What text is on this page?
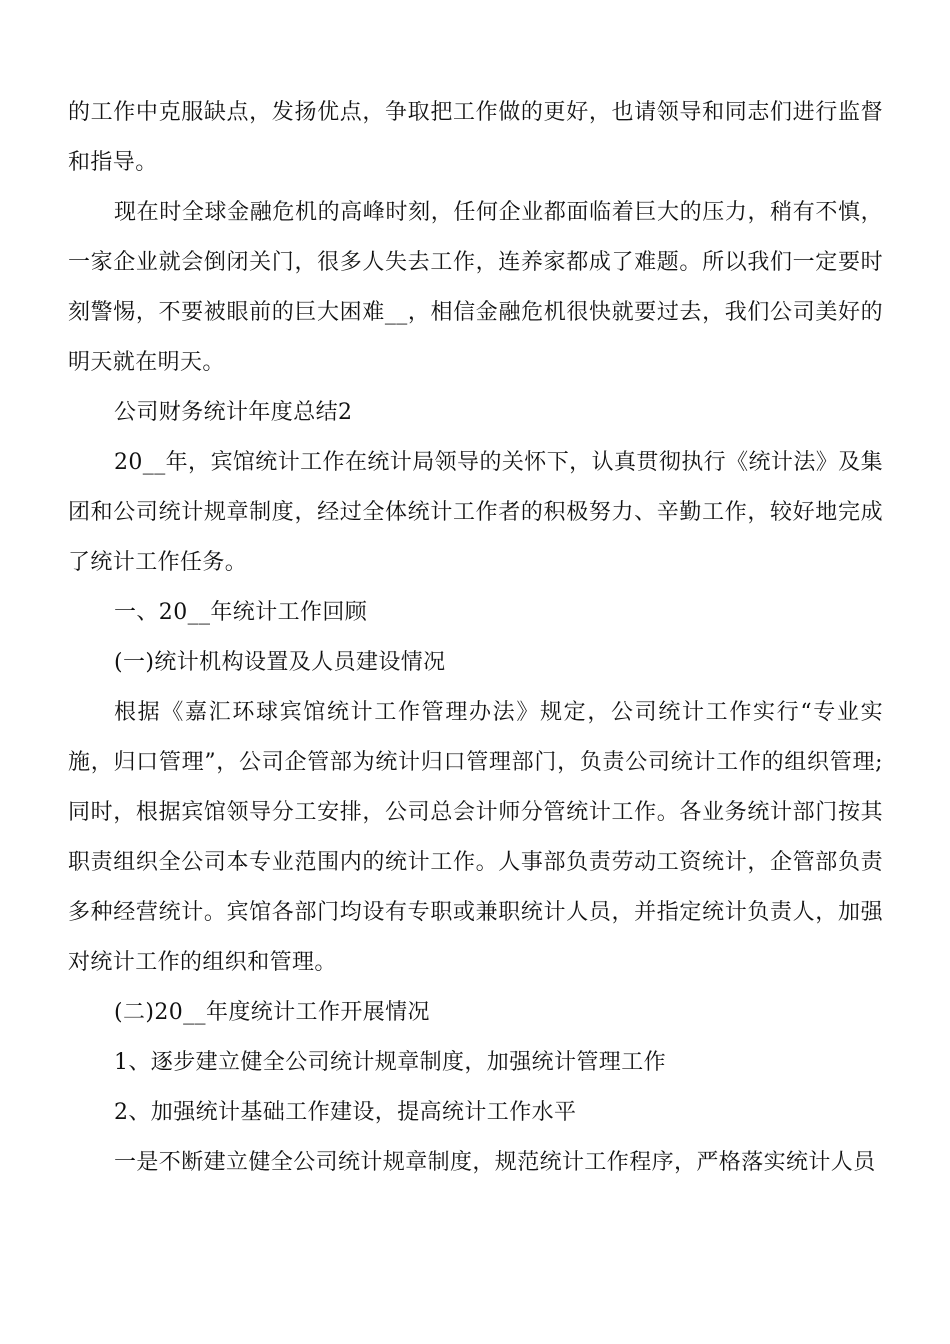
的工作中克服缺点，发扬优点，争取把工作做的更好，也请领导和同志们进行监督和指导。

现在时全球金融危机的高峰时刻，任何企业都面临着巨大的压力，稍有不慎，一家企业就会倒闭关门，很多人失去工作，连养家都成了难题。所以我们一定要时刻警惕，不要被眼前的巨大困难__，相信金融危机很快就要过去，我们公司美好的明天就在明天。

公司财务统计年度总结2

20__年，宾馆统计工作在统计局领导的关怀下，认真贯彻执行《统计法》及集团和公司统计规章制度，经过全体统计工作者的积极努力、辛勤工作，较好地完成了统计工作任务。

一、20__年统计工作回顾

(一)统计机构设置及人员建设情况

根据《嘉汇环球宾馆统计工作管理办法》规定，公司统计工作实行“专业实施，归口管理”，公司企管部为统计归口管理部门，负责公司统计工作的组织管理;同时，根据宾馆领导分工安排，公司总会计师分管统计工作。各业务统计部门按其职责组织全公司本专业范围内的统计工作。人事部负责劳动工资统计，企管部负责多种经营统计。宾馆各部门均设有专职或兼职统计人员，并指定统计负责人，加强对统计工作的组织和管理。

(二)20__年度统计工作开展情况

1、逐步建立健全公司统计规章制度，加强统计管理工作

2、加强统计基础工作建设，提高统计工作水平

一是不断建立健全公司统计规章制度，规范统计工作程序，严格落实统计人员
